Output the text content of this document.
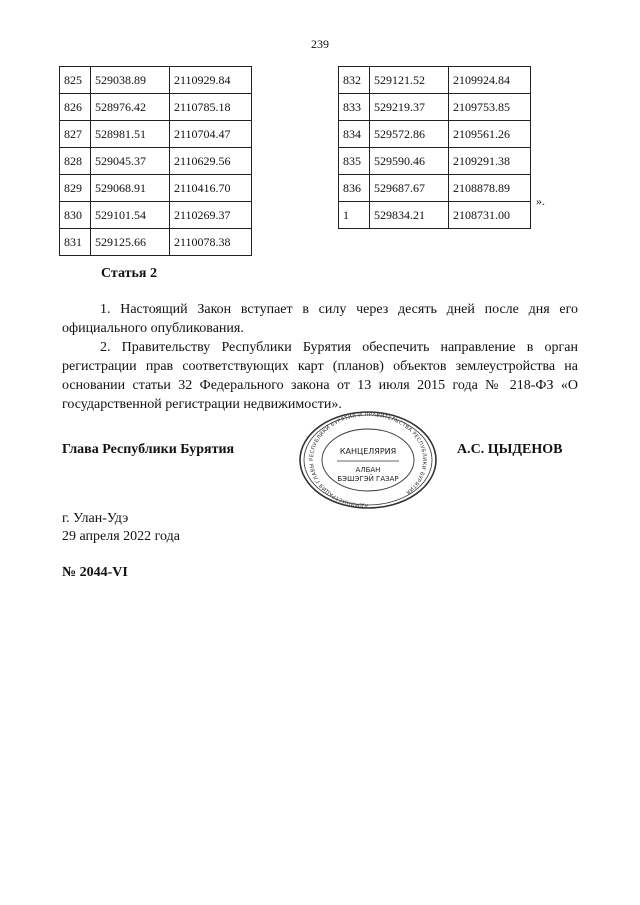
239
825	529038.89	2110929.84
826	528976.42	2110785.18
827	528981.51	2110704.47
828	529045.37	2110629.56
829	529068.91	2110416.70
830	529101.54	2110269.37
831	529125.66	2110078.38
832	529121.52	2109924.84
833	529219.37	2109753.85
834	529572.86	2109561.26
835	529590.46	2109291.38
836	529687.67	2108878.89
1	529834.21	2108731.00
».
Статья 2
1. Настоящий Закон вступает в силу через десять дней после дня его официального опубликования.
2. Правительству Республики Бурятия обеспечить направление в орган регистрации прав соответствующих карт (планов) объектов землеустройства на основании статьи 32 Федерального закона от 13 июля 2015 года № 218-ФЗ «О государственной регистрации недвижимости».
Глава Республики Бурятия
АДМИНИСТРАЦИЯ ГЛАВЫ РЕСПУБЛИКИ БУРЯТИЯ И ПРАВИТЕЛЬСТВА РЕСПУБЛИКИ БУРЯТИЯ
КАНЦЕЛЯРИЯ
АЛБАН
БЭШЭГЭЙ ГАЗАР
А.С. ЦЫДЕНОВ
г. Улан-Удэ
29 апреля 2022 года
№ 2044-VI
